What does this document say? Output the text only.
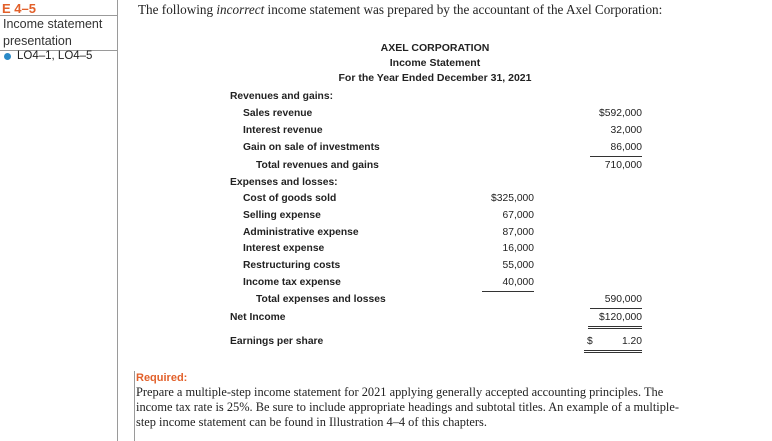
E 4–5
Income statement
presentation
LO4–1, LO4–5
The following incorrect income statement was prepared by the accountant of the Axel Corporation:
AXEL CORPORATION
Income Statement
For the Year Ended December 31, 2021
Revenues and gains:
Sales revenue	$592,000
Interest revenue	32,000
Gain on sale of investments	86,000
Total revenues and gains	710,000
Expenses and losses:
Cost of goods sold	$325,000
Selling expense	67,000
Administrative expense	87,000
Interest expense	16,000
Restructuring costs	55,000
Income tax expense	40,000
Total expenses and losses	590,000
Net Income	$120,000
Earnings per share	$	1.20
Required:
Prepare a multiple-step income statement for 2021 applying generally accepted accounting principles. The income tax rate is 25%. Be sure to include appropriate headings and subtotal titles. An example of a multiple-step income statement can be found in Illustration 4–4 of this chapters.
